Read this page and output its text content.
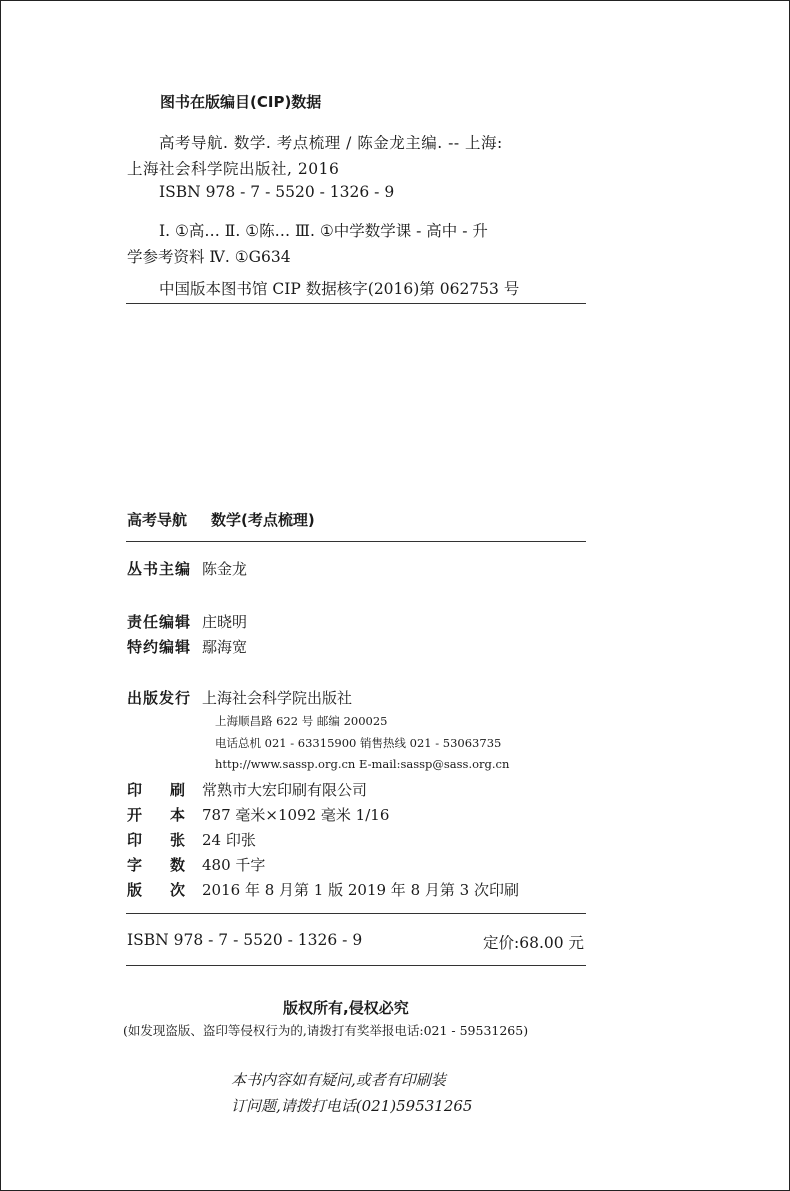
图书在版编目(CIP)数据
高考导航. 数学. 考点梳理 / 陈金龙主编. -- 上海:
上海社会科学院出版社, 2016
ISBN 978 - 7 - 5520 - 1326 - 9
Ⅰ. ①高… Ⅱ. ①陈… Ⅲ. ①中学数学课 - 高中 - 升
学参考资料 Ⅳ. ①G634
中国版本图书馆 CIP 数据核字(2016)第 062753 号
高考导航 数学(考点梳理)
丛书主编 陈金龙
责任编辑 庄晓明
特约编辑 鄢海宽
出版发行 上海社会科学院出版社
上海顺昌路 622 号 邮编 200025
电话总机 021 - 63315900 销售热线 021 - 53063735
http://www.sassp.org.cn E-mail:sassp@sass.org.cn
印 刷 常熟市大宏印刷有限公司
开 本 787 毫米×1092 毫米 1/16
印 张 24 印张
字 数 480 千字
版 次 2016 年 8 月第 1 版 2019 年 8 月第 3 次印刷
ISBN 978 - 7 - 5520 - 1326 - 9	定价:68.00 元
版权所有,侵权必究
(如发现盗版、盗印等侵权行为的,请拨打有奖举报电话:021 - 59531265)
本书内容如有疑问,或者有印刷装
订问题,请拨打电话(021)59531265
